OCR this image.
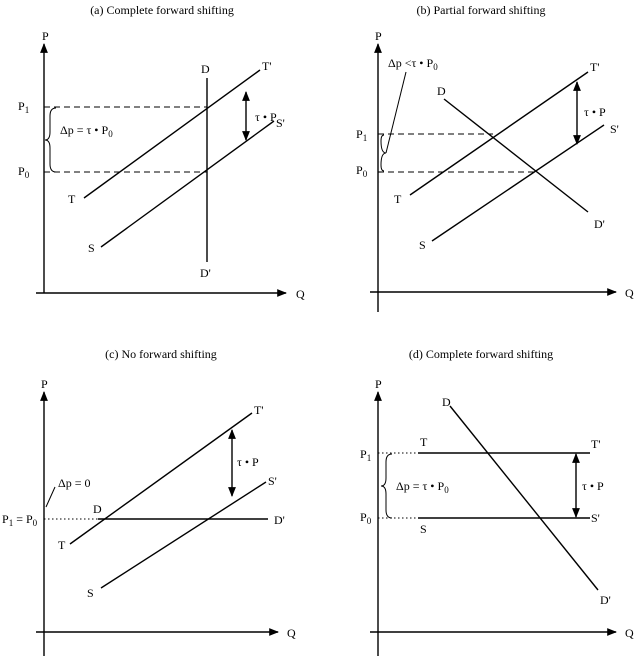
(a) Complete forward shifting
P
Q
$P_1$
$P_0$
Δp = τ • $P_0$
τ • P
T
T'
S
S'
D
D'
(b) Partial forward shifting
P
Q
$P_1$
$P_0$
Δp <τ • $P_0$
τ • P
T
T'
S
S'
D
D'
(c) No forward shifting
P
Q
$P_1 = P_0$
Δp = 0
τ • P
T
T'
S
S'
D
D'
(d) Complete forward shifting
P
Q
$P_1$
$P_0$
Δp = τ • $P_0$	τ • P
T	T'
S
S'
D
D'
